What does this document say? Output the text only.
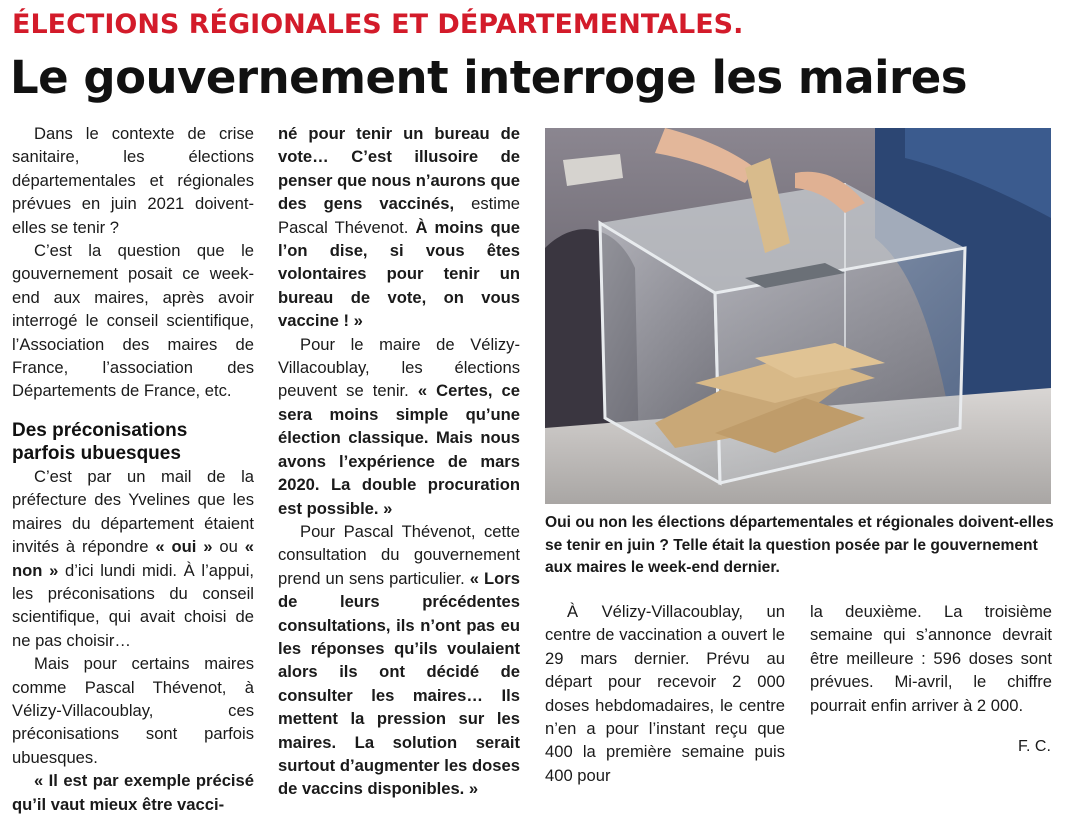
ÉLECTIONS RÉGIONALES ET DÉPARTEMENTALES.
Le gouvernement interroge les maires

Dans le contexte de crise sanitaire, les élections départementales et régionales prévues en juin 2021 doivent-elles se tenir ?

C’est la question que le gouvernement posait ce week-end aux maires, après avoir interrogé le conseil scientifique, l’Association des maires de France, l’association des Départements de France, etc.

Des préconisations parfois ubuesques

C’est par un mail de la préfecture des Yvelines que les maires du département étaient invités à répondre « oui » ou « non » d’ici lundi midi. À l’appui, les préconisations du conseil scientifique, qui avait choisi de ne pas choisir…

Mais pour certains maires comme Pascal Thévenot, à Vélizy-Villacoublay, ces préconisations sont parfois ubuesques.

« Il est par exemple précisé qu’il vaut mieux être vacci-

né pour tenir un bureau de vote… C’est illusoire de penser que nous n’aurons que des gens vaccinés, estime Pascal Thévenot. À moins que l’on dise, si vous êtes volontaires pour tenir un bureau de vote, on vous vaccine ! »

Pour le maire de Vélizy-Villacoublay, les élections peuvent se tenir. « Certes, ce sera moins simple qu’une élection classique. Mais nous avons l’expérience de mars 2020. La double procuration est possible. »

Pour Pascal Thévenot, cette consultation du gouvernement prend un sens particulier. « Lors de leurs précédentes consultations, ils n’ont pas eu les réponses qu’ils voulaient alors ils ont décidé de consulter les maires… Ils mettent la pression sur les maires. La solution serait surtout d’augmenter les doses de vaccins disponibles. »

Oui ou non les élections départementales et régionales doivent-elles se tenir en juin ? Telle était la question posée par le gouvernement aux maires le week-end dernier.

À Vélizy-Villacoublay, un centre de vaccination a ouvert le 29 mars dernier. Prévu au départ pour recevoir 2 000 doses hebdomadaires, le centre n’en a pour l’instant reçu que 400 la première semaine puis 400 pour

la deuxième. La troisième semaine qui s’annonce devrait être meilleure : 596 doses sont prévues. Mi-avril, le chiffre pourrait enfin arriver à 2 000.

F. C.
